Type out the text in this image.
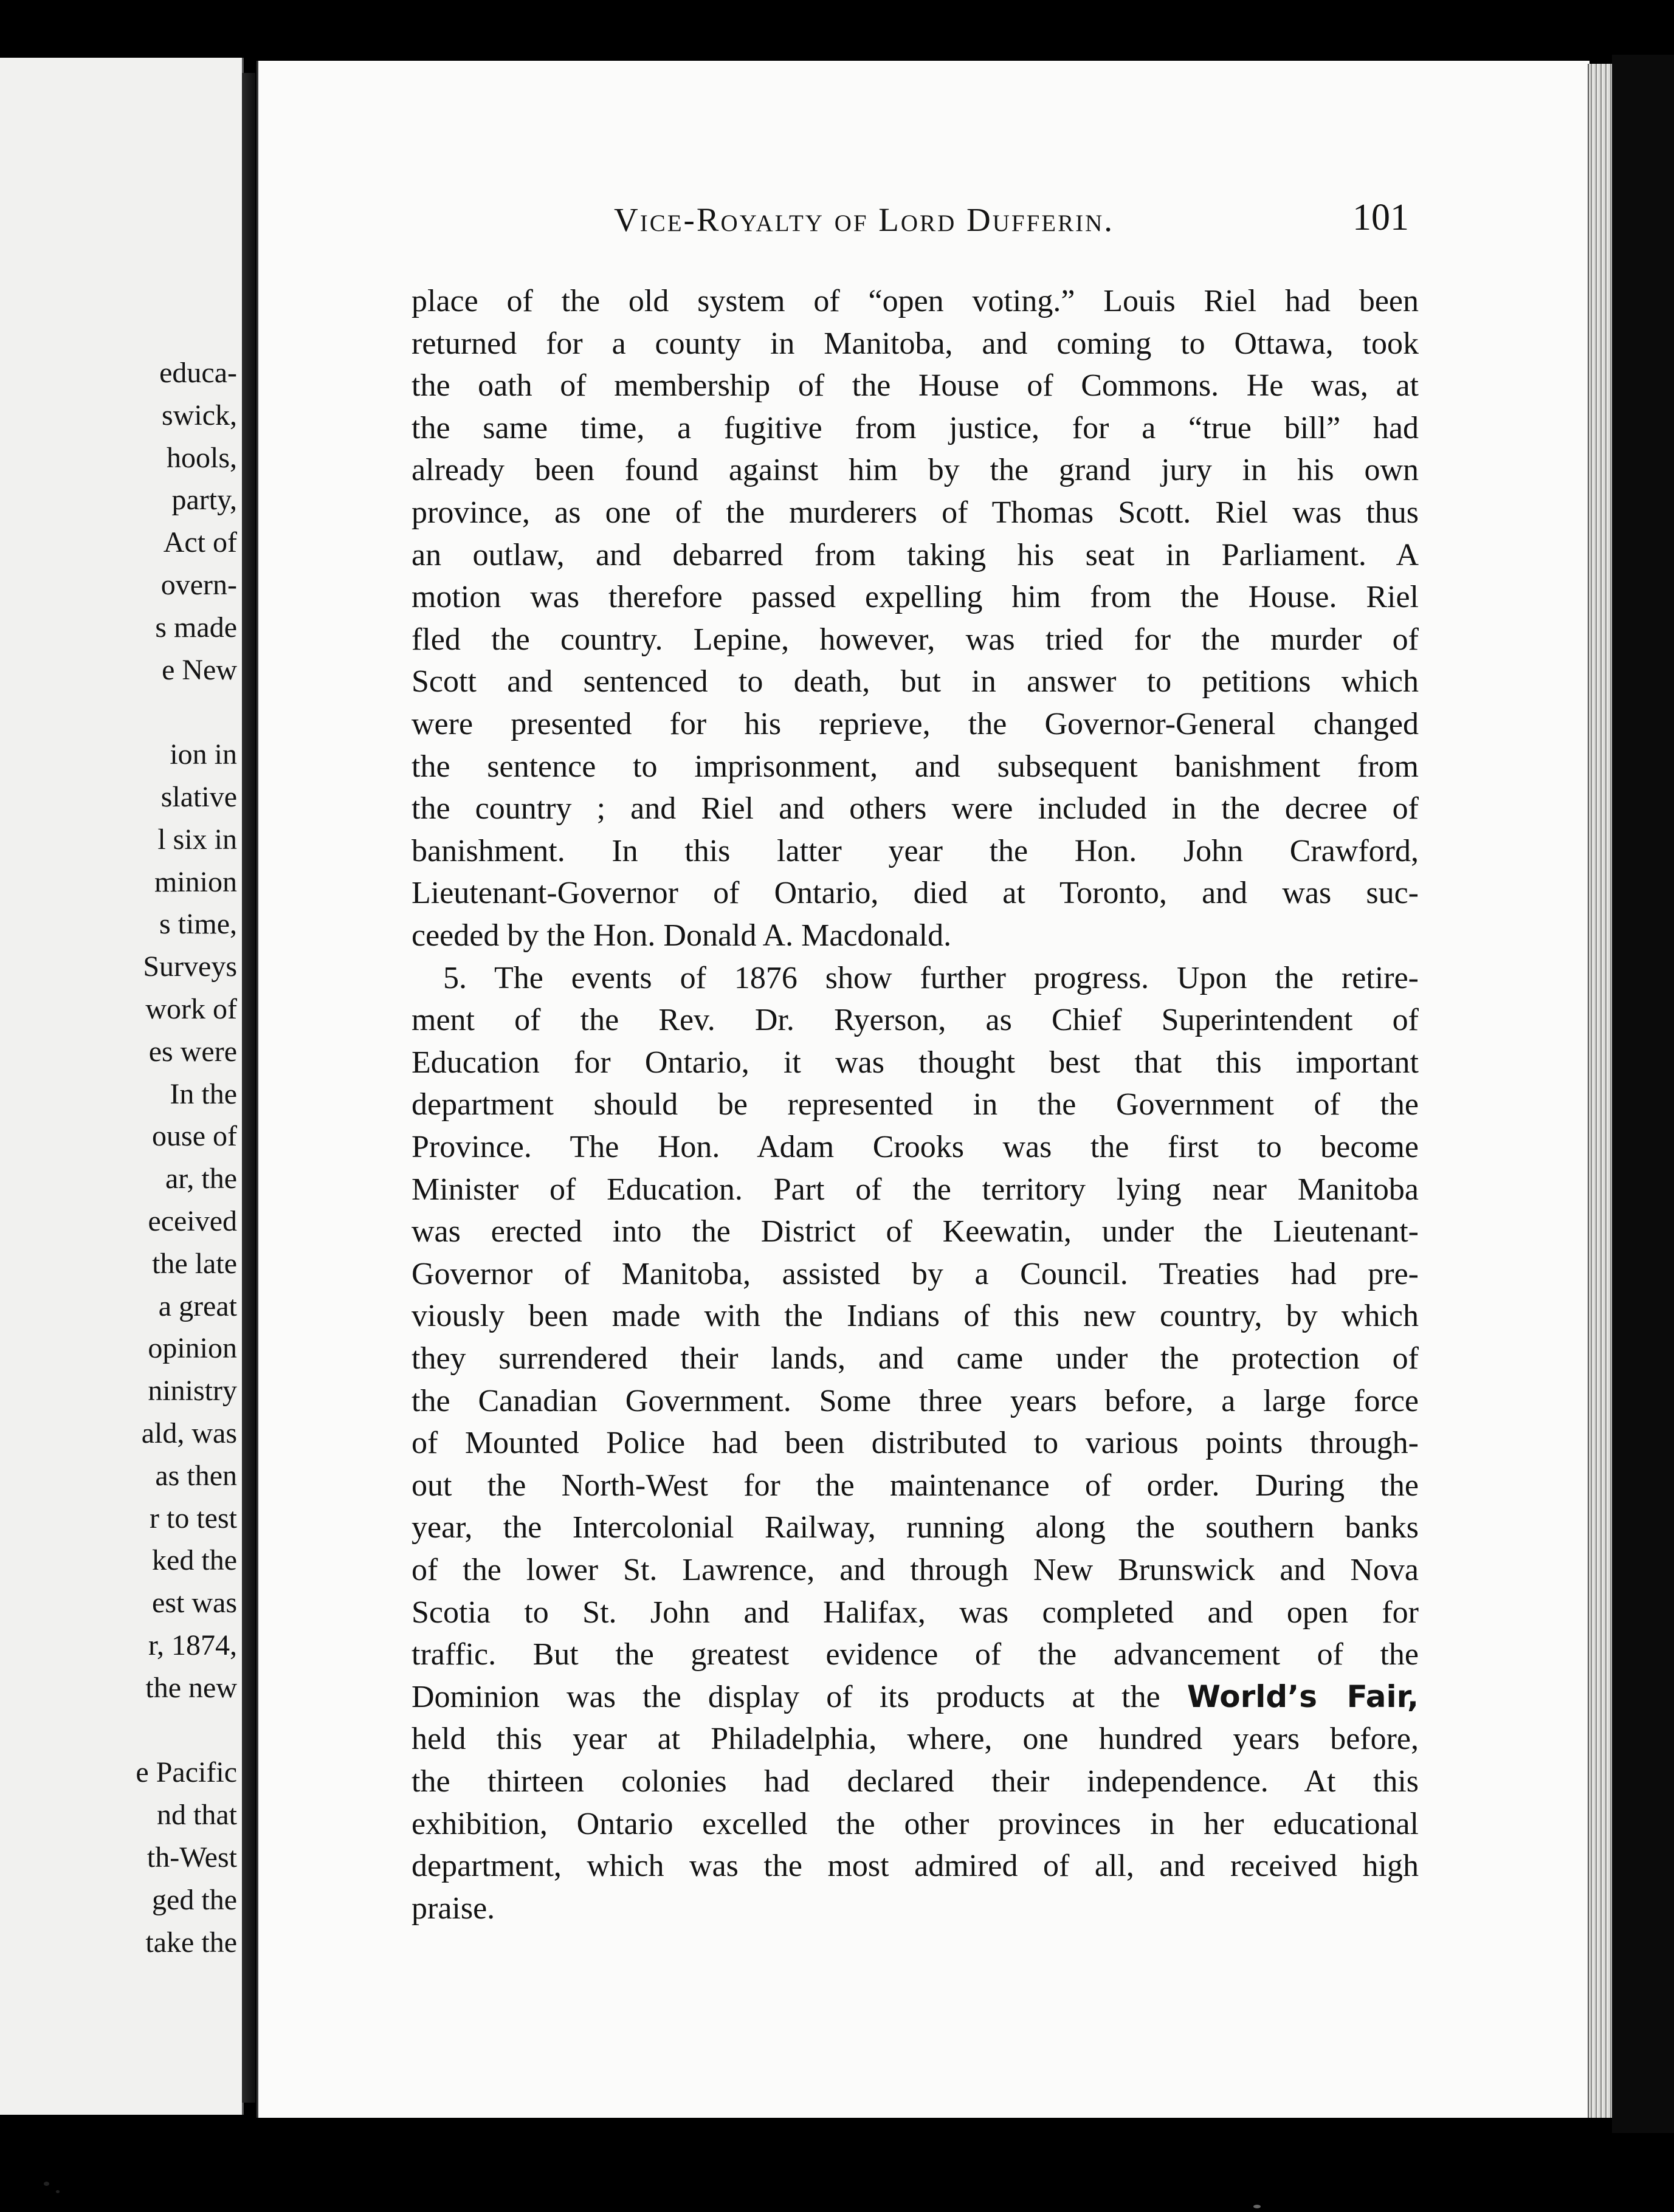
educa-
swick,
hools,
party,
Act of
overn-
s made
e New
ion in
slative
l six in
minion
s time,
Surveys
work of
es were
In the
ouse of
ar, the
eceived
the late
a great
opinion
ninistry
ald, was
as then
r to test
ked the
est was
r, 1874,
the new
e Pacific
nd that
th-West
ged the
take the
Vice-Royalty of Lord Dufferin.	101
place of the old system of “open voting.” Louis Riel had been
returned for a county in Manitoba, and coming to Ottawa, took
the oath of membership of the House of Commons. He was, at
the same time, a fugitive from justice, for a “true bill” had
already been found against him by the grand jury in his own
province, as one of the murderers of Thomas Scott. Riel was thus
an outlaw, and debarred from taking his seat in Parliament. A
motion was therefore passed expelling him from the House. Riel
fled the country. Lepine, however, was tried for the murder of
Scott and sentenced to death, but in answer to petitions which
were presented for his reprieve, the Governor-General changed
the sentence to imprisonment, and subsequent banishment from
the country ; and Riel and others were included in the decree of
banishment. In this latter year the Hon. John Crawford,
Lieutenant-Governor of Ontario, died at Toronto, and was suc-
ceeded by the Hon. Donald A. Macdonald.
5. The events of 1876 show further progress. Upon the retire-
ment of the Rev. Dr. Ryerson, as Chief Superintendent of
Education for Ontario, it was thought best that this important
department should be represented in the Government of the
Province. The Hon. Adam Crooks was the first to become
Minister of Education. Part of the territory lying near Manitoba
was erected into the District of Keewatin, under the Lieutenant-
Governor of Manitoba, assisted by a Council. Treaties had pre-
viously been made with the Indians of this new country, by which
they surrendered their lands, and came under the protection of
the Canadian Government. Some three years before, a large force
of Mounted Police had been distributed to various points through-
out the North-West for the maintenance of order. During the
year, the Intercolonial Railway, running along the southern banks
of the lower St. Lawrence, and through New Brunswick and Nova
Scotia to St. John and Halifax, was completed and open for
traffic. But the greatest evidence of the advancement of the
Dominion was the display of its products at the World’s Fair,
held this year at Philadelphia, where, one hundred years before,
the thirteen colonies had declared their independence. At this
exhibition, Ontario excelled the other provinces in her educational
department, which was the most admired of all, and received high
praise.
